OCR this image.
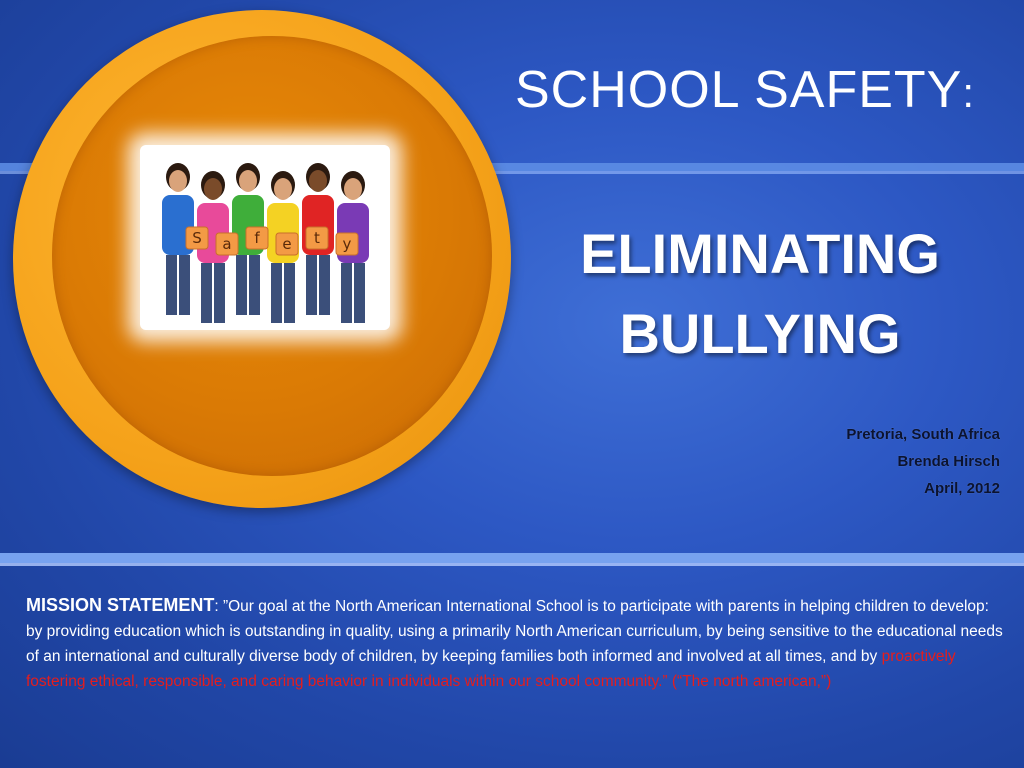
S a f e t y
SCHOOL SAFETY:
ELIMINATING
BULLYING
Pretoria, South Africa
Brenda Hirsch
April, 2012
MISSION STATEMENT: ”Our goal at the North American International School is to participate with parents in helping children to develop: by providing education which is outstanding in quality, using a primarily North American curriculum, by being sensitive to the educational needs of an international and culturally diverse body of children, by keeping families both informed and involved at all times, and by proactively fostering ethical, responsible, and caring behavior in individuals within our school community.” (“The north american,”)
